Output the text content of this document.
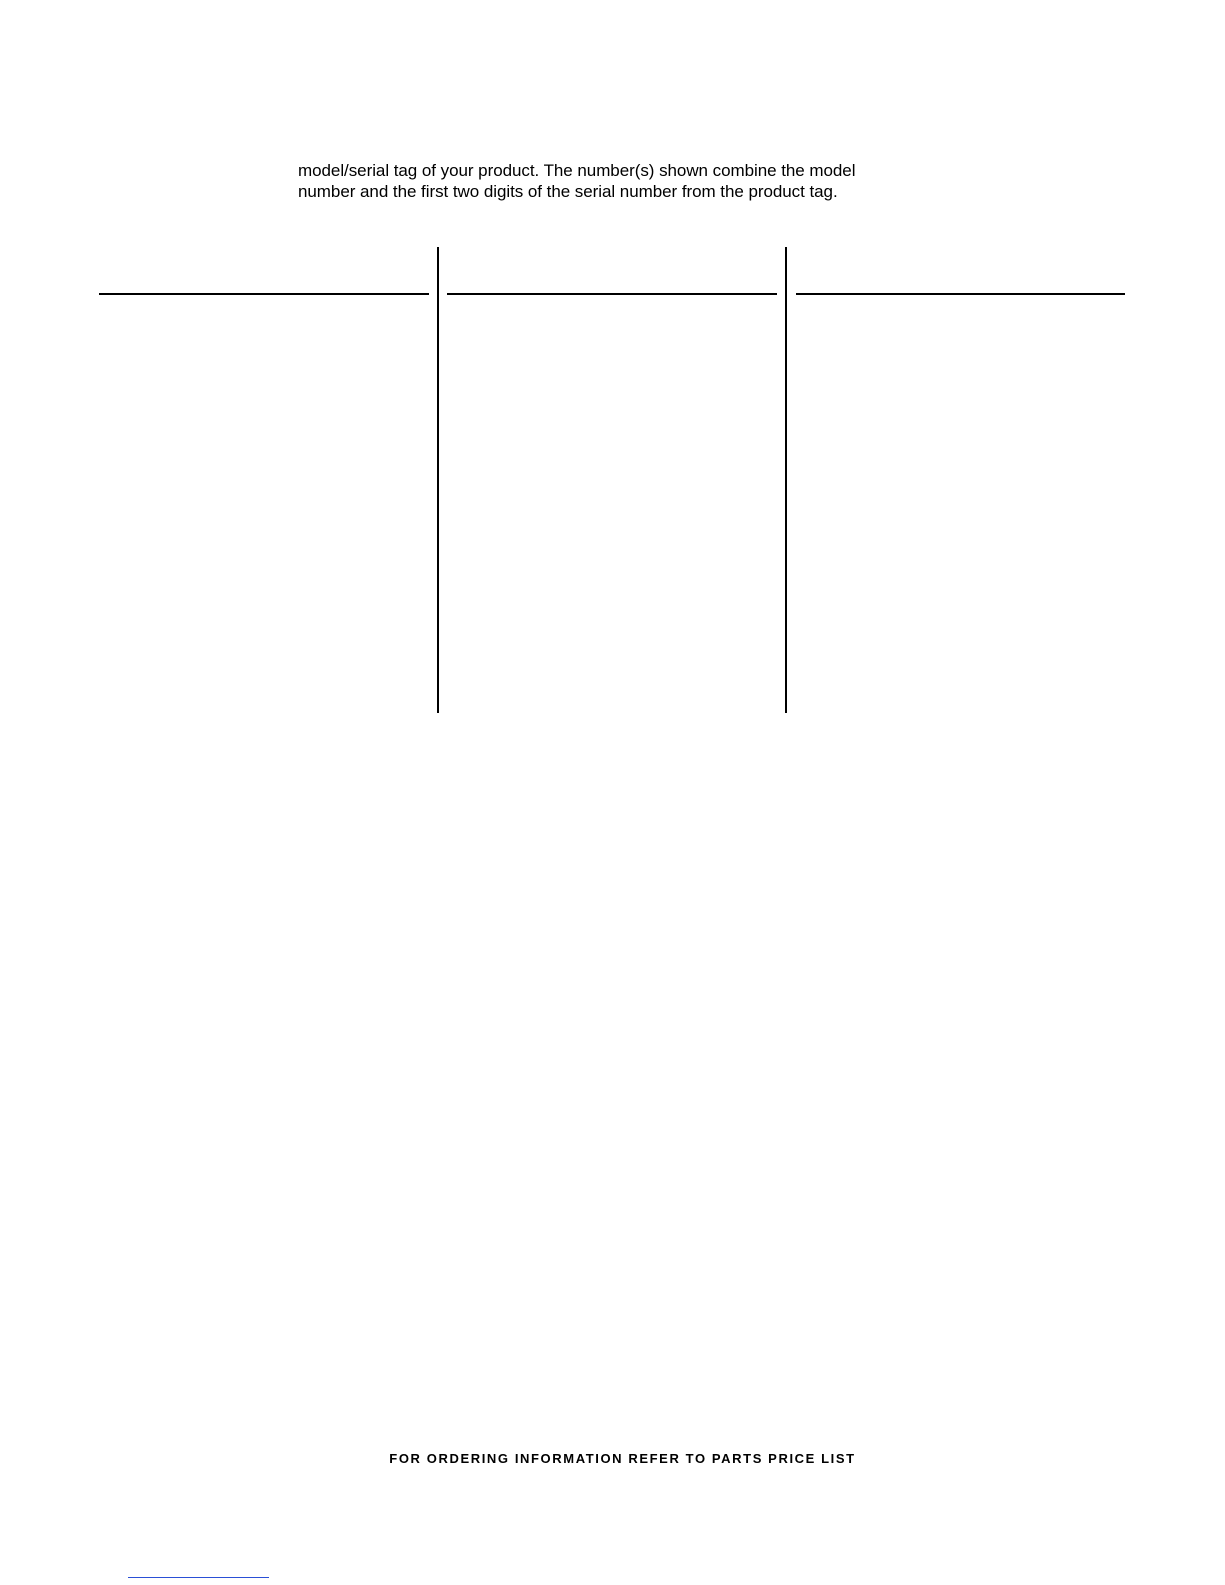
model/serial tag of your product. The number(s) shown combine the model
number and the first two digits of the serial number from the product tag.
FOR ORDERING INFORMATION REFER TO PARTS PRICE LIST
